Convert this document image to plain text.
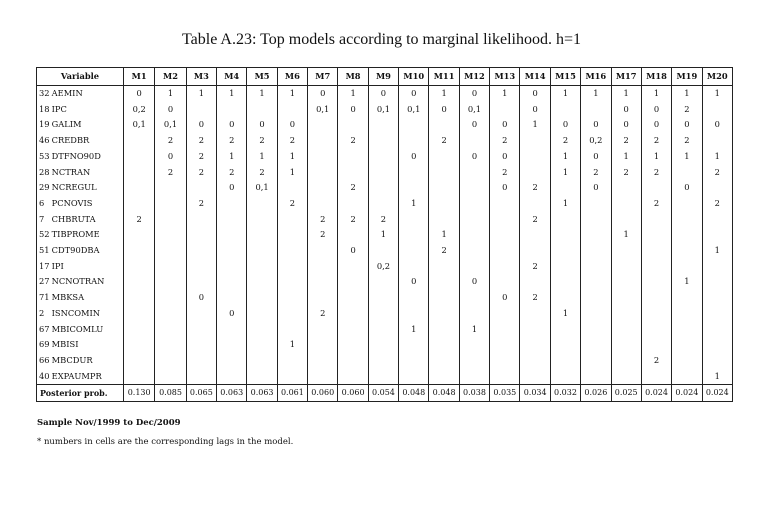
Table A.23: Top models according to marginal likelihood. h=1
Variable		M1	M2	M3	M4	M5	M6	M7	M8	M9	M10	M11	M12	M13	M14	M15	M16	M17	M18	M19	M20
32	AEMIN	0	1	1	1	1	1	0	1	0	0	1	0	1	0	1	1	1	1	1	1
18	IPC	0,2	0					0,1	0	0,1	0,1	0	0,1		0			0	0	2	
19	GALIM	0,1	0,1	0	0	0	0						0	0	1	0	0	0	0	0	0
46	CREDBR		2	2	2	2	2		2			2		2		2	0,2	2	2	2	
53	DTFNO90D		0	2	1	1	1				0		0	0		1	0	1	1	1	1
28	NCTRAN		2	2	2	2	1							2		1	2	2	2		2
29	NCREGUL				0	0,1			2					0	2		0			0	
6	PCNOVIS			2			2				1					1			2		2
7	CHBRUTA	2						2	2	2					2						
52	TIBPROME							2		1		1						1			
51	CDT90DBA								0			2									1
17	IPI									0,2					2						
27	NCNOTRAN										0		0							1	
71	MBKSA			0										0	2						
2	ISNCOMIN				0			2								1					
67	MBICOMLU										1		1								
69	MBISI						1														
66	MBCDUR																		2		
40	EXPAUMPR																				1
Posterior prob.		0.130	0.085	0.065	0.063	0.063	0.061	0.060	0.060	0.054	0.048	0.048	0.038	0.035	0.034	0.032	0.026	0.025	0.024	0.024	0.024
Sample Nov/1999 to Dec/2009
* numbers in cells are the corresponding lags in the model.
